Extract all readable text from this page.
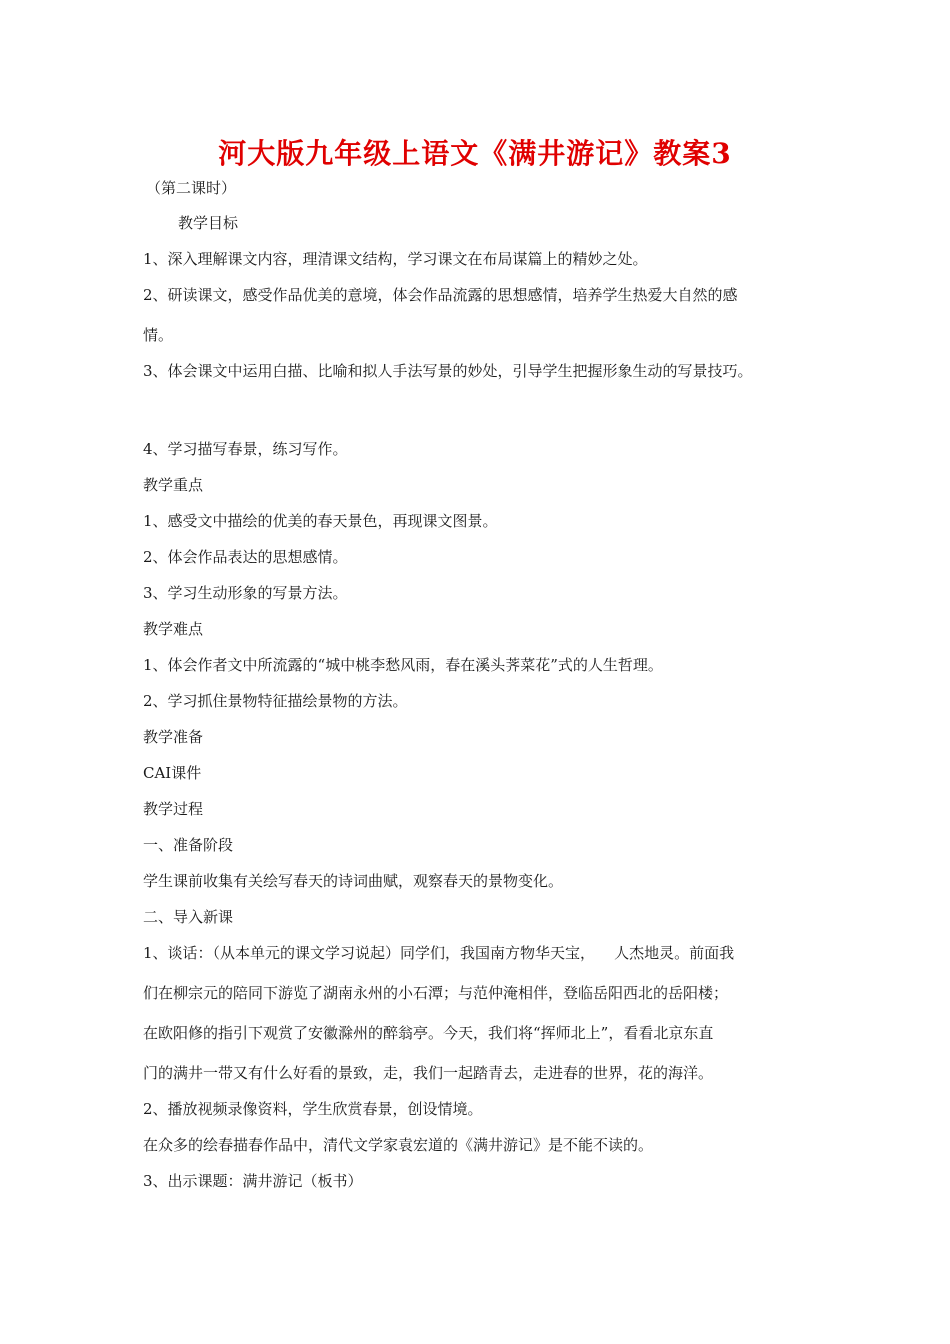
河大版九年级上语文《满井游记》教案3
（第二课时）
教学目标
1、深入理解课文内容，理清课文结构，学习课文在布局谋篇上的精妙之处。
2、研读课文，感受作品优美的意境，体会作品流露的思想感情，培养学生热爱大自然的感
情。
3、体会课文中运用白描、比喻和拟人手法写景的妙处，引导学生把握形象生动的写景技巧。
4、学习描写春景，练习写作。
教学重点
1、感受文中描绘的优美的春天景色，再现课文图景。
2、体会作品表达的思想感情。
3、学习生动形象的写景方法。
教学难点
1、体会作者文中所流露的“城中桃李愁风雨，春在溪头荠菜花”式的人生哲理。
2、学习抓住景物特征描绘景物的方法。
教学准备
CAI课件
教学过程
一、准备阶段
学生课前收集有关绘写春天的诗词曲赋，观察春天的景物变化。
二、导入新课
1、谈话：（从本单元的课文学习说起）同学们，我国南方物华天宝，    人杰地灵。前面我
们在柳宗元的陪同下游览了湖南永州的小石潭；与范仲淹相伴，登临岳阳西北的岳阳楼；
在欧阳修的指引下观赏了安徽滁州的醉翁亭。今天，我们将“挥师北上”，看看北京东直
门的满井一带又有什么好看的景致，走，我们一起踏青去，走进春的世界，花的海洋。
2、播放视频录像资料，学生欣赏春景，创设情境。
在众多的绘春描春作品中，清代文学家袁宏道的《满井游记》是不能不读的。
3、出示课题：满井游记（板书）
